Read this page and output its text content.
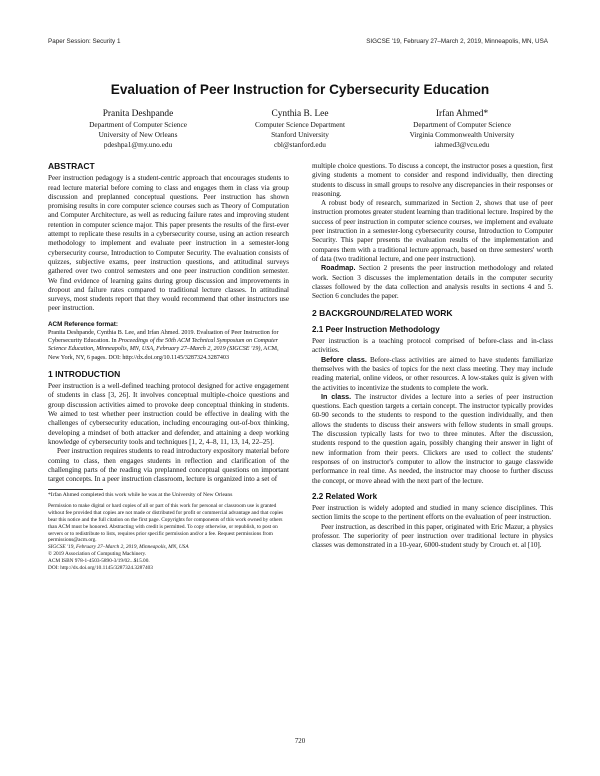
Paper Session: Security 1	SIGCSE '19, February 27–March 2, 2019, Minneapolis, MN, USA
Evaluation of Peer Instruction for Cybersecurity Education
Pranita Deshpande
Department of Computer Science
University of New Orleans
pdeshpa1@my.uno.edu
Cynthia B. Lee
Computer Science Department
Stanford University
cbl@stanford.edu
Irfan Ahmed*
Department of Computer Science
Virginia Commonwealth University
iahmed3@vcu.edu
ABSTRACT

Peer instruction pedagogy is a student-centric approach that encourages students to read lecture material before coming to class and engages them in class via group discussion and preplanned conceptual questions. Peer instruction has shown promising results in core computer science courses such as Theory of Computation and Computer Architecture, as well as reducing failure rates and improving student retention in computer science major. This paper presents the results of the first-ever attempt to replicate these results in a cybersecurity course, using an action research methodology to implement and evaluate peer instruction in a semester-long cybersecurity course, Introduction to Computer Security. The evaluation consists of quizzes, subjective exams, peer instruction questions, and attitudinal surveys gathered over two control semesters and one peer instruction condition semester. We find evidence of learning gains during group discussion and improvements in dropout and failure rates compared to traditional lecture classes. In attitudinal surveys, most students report that they would recommend that other instructors use peer instruction.

ACM Reference format:
Pranita Deshpande, Cynthia B. Lee, and Irfan Ahmed. 2019. Evaluation of Peer Instruction for Cybersecurity Education. In Proceedings of the 50th ACM Technical Symposium on Computer Science Education, Minneapolis, MN, USA, February 27–March 2, 2019 (SIGCSE '19), ACM, New York, NY, 6 pages. DOI: http://dx.doi.org/10.1145/3287324.3287403
1 INTRODUCTION

Peer instruction is a well-defined teaching protocol designed for active engagement of students in class [3, 26]. It involves conceptual multiple-choice questions and group discussion activities aimed to provoke deep conceptual thinking in students. We aimed to test whether peer instruction could be effective in dealing with the challenges of cybersecurity education, including encouraging out-of-box thinking, developing a mindset of both attacker and defender, and attaining a deep working knowledge of cybersecurity tools and techniques [1, 2, 4–8, 11, 13, 14, 22–25].

Peer instruction requires students to read introductory expository material before coming to class, then engages students in reflection and clarification of the challenging parts of the reading via preplanned conceptual questions on important target concepts. In a peer instruction classroom, lecture is organized into a set of

*Irfan Ahmed completed this work while he was at the University of New Orleans
Permission to make digital or hard copies of all or part of this work for personal or classroom use is granted without fee provided that copies are not made or distributed for profit or commercial advantage and that copies bear this notice and the full citation on the first page. Copyrights for components of this work owned by others than ACM must be honored. Abstracting with credit is permitted. To copy otherwise, or republish, to post on servers or to redistribute to lists, requires prior specific permission and/or a fee. Request permissions from permissions@acm.org.
SIGCSE '19, February 27–March 2, 2019, Minneapolis, MN, USA
© 2019 Association of Computing Machinery.
ACM ISBN 978-1-4503-5890-3/19/02...$15.00.
DOI: http://dx.doi.org/10.1145/3287324.3287403

multiple choice questions. To discuss a concept, the instructor poses a question, first giving students a moment to consider and respond individually, then directing students to discuss in small groups to resolve any discrepancies in their responses or reasoning.

A robust body of research, summarized in Section 2, shows that use of peer instruction promotes greater student learning than traditional lecture. Inspired by the success of peer instruction in computer science courses, we implement and evaluate peer instruction in a semester-long cybersecurity course, Introduction to Computer Security. This paper presents the evaluation results of the implementation and compares them with a traditional lecture approach, based on three semesters' worth of data (two traditional lecture, and one peer instruction).

Roadmap. Section 2 presents the peer instruction methodology and related work. Section 3 discusses the implementation details in the computer security classes followed by the data collection and analysis results in sections 4 and 5. Section 6 concludes the paper.

2 BACKGROUND/RELATED WORK
2.1 Peer Instruction Methodology

Peer instruction is a teaching protocol comprised of before-class and in-class activities.

Before class. Before-class activities are aimed to have students familiarize themselves with the basics of topics for the next class meeting. They may include reading material, online videos, or other resources. A low-stakes quiz is given with the activities to incentivize the students to complete the work.

In class. The instructor divides a lecture into a series of peer instruction questions. Each question targets a certain concept. The instructor typically provides 60-90 seconds to the students to respond to the question individually, and then allows the students to discuss their answers with fellow students in small groups. The discussion typically lasts for two to three minutes. After the discussion, students respond to the question again, possibly changing their answer in light of new information from their peers. Clickers are used to collect the students' responses of on instructor's computer to allow the instructor to gauge classwide performance in real time. As needed, the instructor may choose to further discuss the concept, or move ahead with the next part of the lecture.

2.2 Related Work

Peer instruction is widely adopted and studied in many science disciplines. This section limits the scope to the pertinent efforts on the evaluation of peer instruction.

Peer instruction, as described in this paper, originated with Eric Mazur, a physics professor. The superiority of peer instruction over traditional lecture in physics classes was demonstrated in a 10-year, 6000-student study by Crouch et. al [10].

720
